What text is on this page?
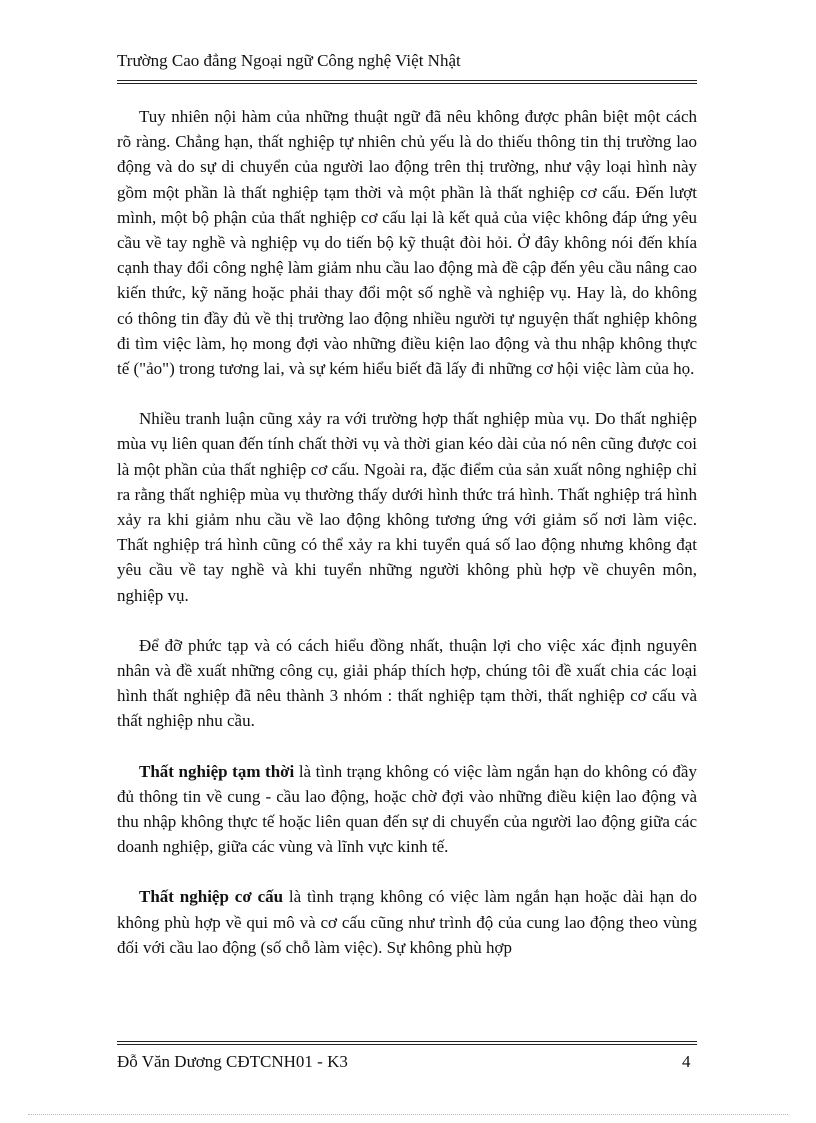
Trường Cao đẳng Ngoại ngữ Công nghệ Việt Nhật

Tuy nhiên nội hàm của những thuật ngữ đã nêu không được phân biệt một cách rõ ràng. Chẳng hạn, thất nghiệp tự nhiên chủ yếu là do thiếu thông tin thị trường lao động và do sự di chuyển của người lao động trên thị trường, như vậy loại hình này gồm một phần là thất nghiệp tạm thời và một phần là thất nghiệp cơ cấu. Đến lượt mình, một bộ phận của thất nghiệp cơ cấu lại là kết quả của việc không đáp ứng yêu cầu về tay nghề và nghiệp vụ do tiến bộ kỹ thuật đòi hỏi. Ở đây không nói đến khía cạnh thay đổi công nghệ làm giảm nhu cầu lao động mà đề cập đến yêu cầu nâng cao kiến thức, kỹ năng hoặc phải thay đổi một số nghề và nghiệp vụ. Hay là, do không có thông tin đầy đủ về thị trường lao động nhiều người tự nguyện thất nghiệp không đi tìm việc làm, họ mong đợi vào những điều kiện lao động và thu nhập không thực tế ("ảo") trong tương lai, và sự kém hiểu biết đã lấy đi những cơ hội việc làm của họ.

Nhiều tranh luận cũng xảy ra với trường hợp thất nghiệp mùa vụ. Do thất nghiệp mùa vụ liên quan đến tính chất thời vụ và thời gian kéo dài của nó nên cũng được coi là một phần của thất nghiệp cơ cấu. Ngoài ra, đặc điểm của sản xuất nông nghiệp chỉ ra rằng thất nghiệp mùa vụ thường thấy dưới hình thức trá hình. Thất nghiệp trá hình xảy ra khi giảm nhu cầu về lao động không tương ứng với giảm số nơi làm việc. Thất nghiệp trá hình cũng có thể xảy ra khi tuyển quá số lao động nhưng không đạt yêu cầu về tay nghề và khi tuyển những người không phù hợp về chuyên môn, nghiệp vụ.

Để đỡ phức tạp và có cách hiểu đồng nhất, thuận lợi cho việc xác định nguyên nhân và đề xuất những công cụ, giải pháp thích hợp, chúng tôi đề xuất chia các loại hình thất nghiệp đã nêu thành 3 nhóm : thất nghiệp tạm thời, thất nghiệp cơ cấu và thất nghiệp nhu cầu.

Thất nghiệp tạm thời là tình trạng không có việc làm ngắn hạn do không có đầy đủ thông tin về cung - cầu lao động, hoặc chờ đợi vào những điều kiện lao động và thu nhập không thực tế hoặc liên quan đến sự di chuyển của người lao động giữa các doanh nghiệp, giữa các vùng và lĩnh vực kinh tế.

Thất nghiệp cơ cấu là tình trạng không có việc làm ngắn hạn hoặc dài hạn do không phù hợp về qui mô và cơ cấu cũng như trình độ của cung lao động theo vùng đối với cầu lao động (số chỗ làm việc). Sự không phù hợp

Đỗ Văn Dương CĐTCNH01 - K3	4
